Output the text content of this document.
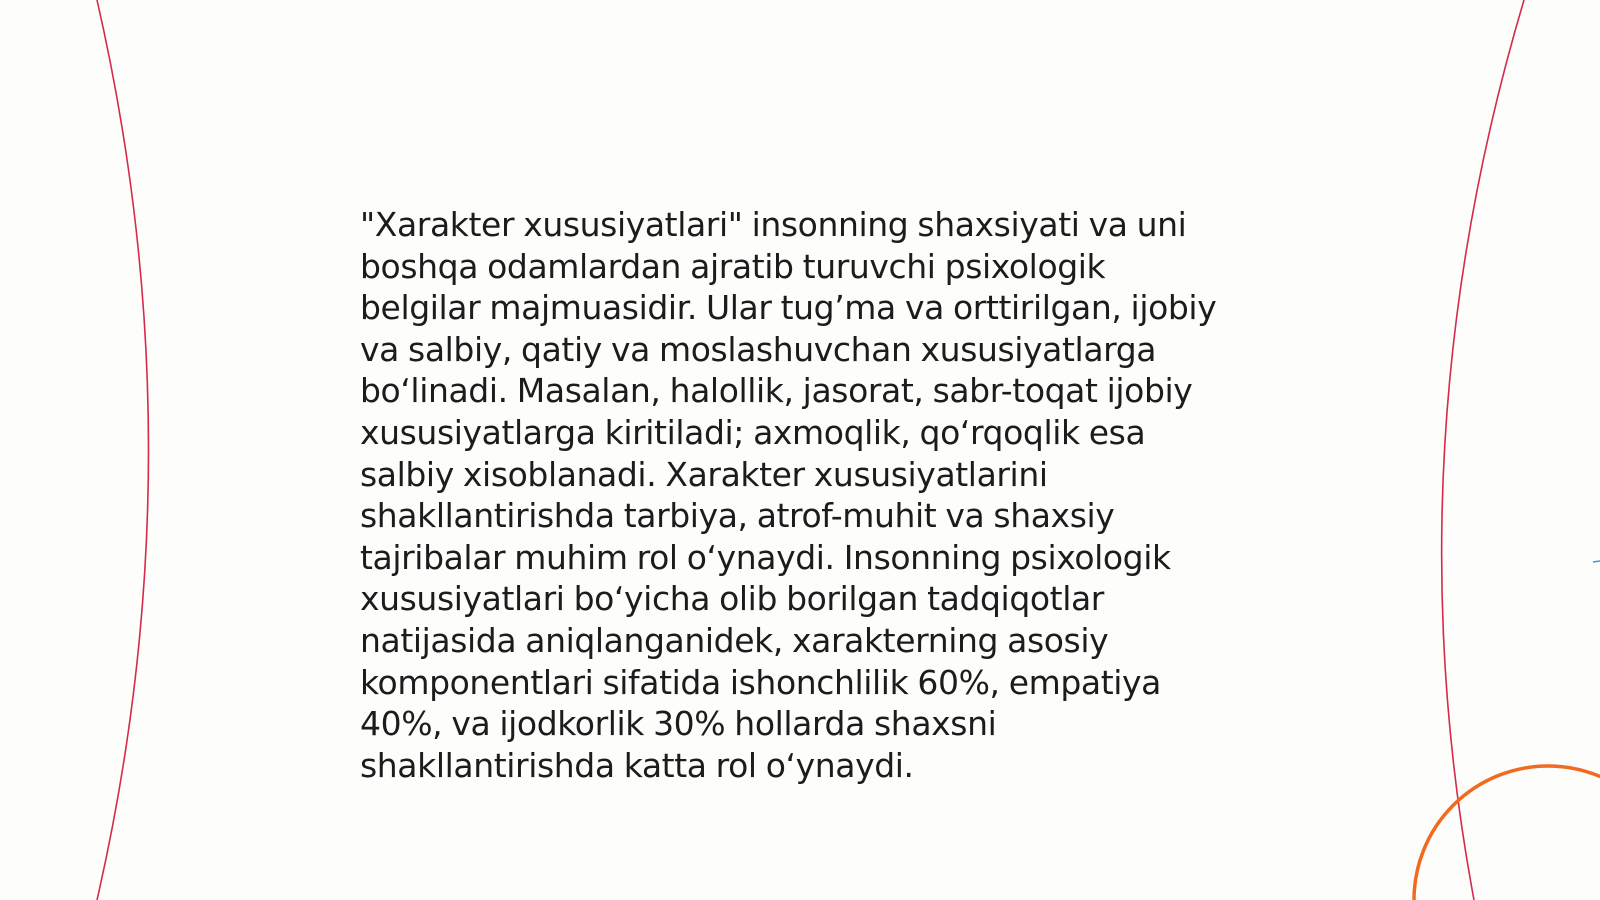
"Xarakter xususiyatlari" insonning shaxsiyati va uni
boshqa odamlardan ajratib turuvchi psixologik
belgilar majmuasidir. Ular tug’ma va orttirilgan, ijobiy
va salbiy, qatiy va moslashuvchan xususiyatlarga
bo‘linadi. Masalan, halollik, jasorat, sabr-toqat ijobiy
xususiyatlarga kiritiladi; axmoqlik, qo‘rqoqlik esa
salbiy xisoblanadi. Xarakter xususiyatlarini
shakllantirishda tarbiya, atrof-muhit va shaxsiy
tajribalar muhim rol o‘ynaydi. Insonning psixologik
xususiyatlari bo‘yicha olib borilgan tadqiqotlar
natijasida aniqlanganidek, xarakterning asosiy
komponentlari sifatida ishonchlilik 60%, empatiya
40%, va ijodkorlik 30% hollarda shaxsni
shakllantirishda katta rol o‘ynaydi.
